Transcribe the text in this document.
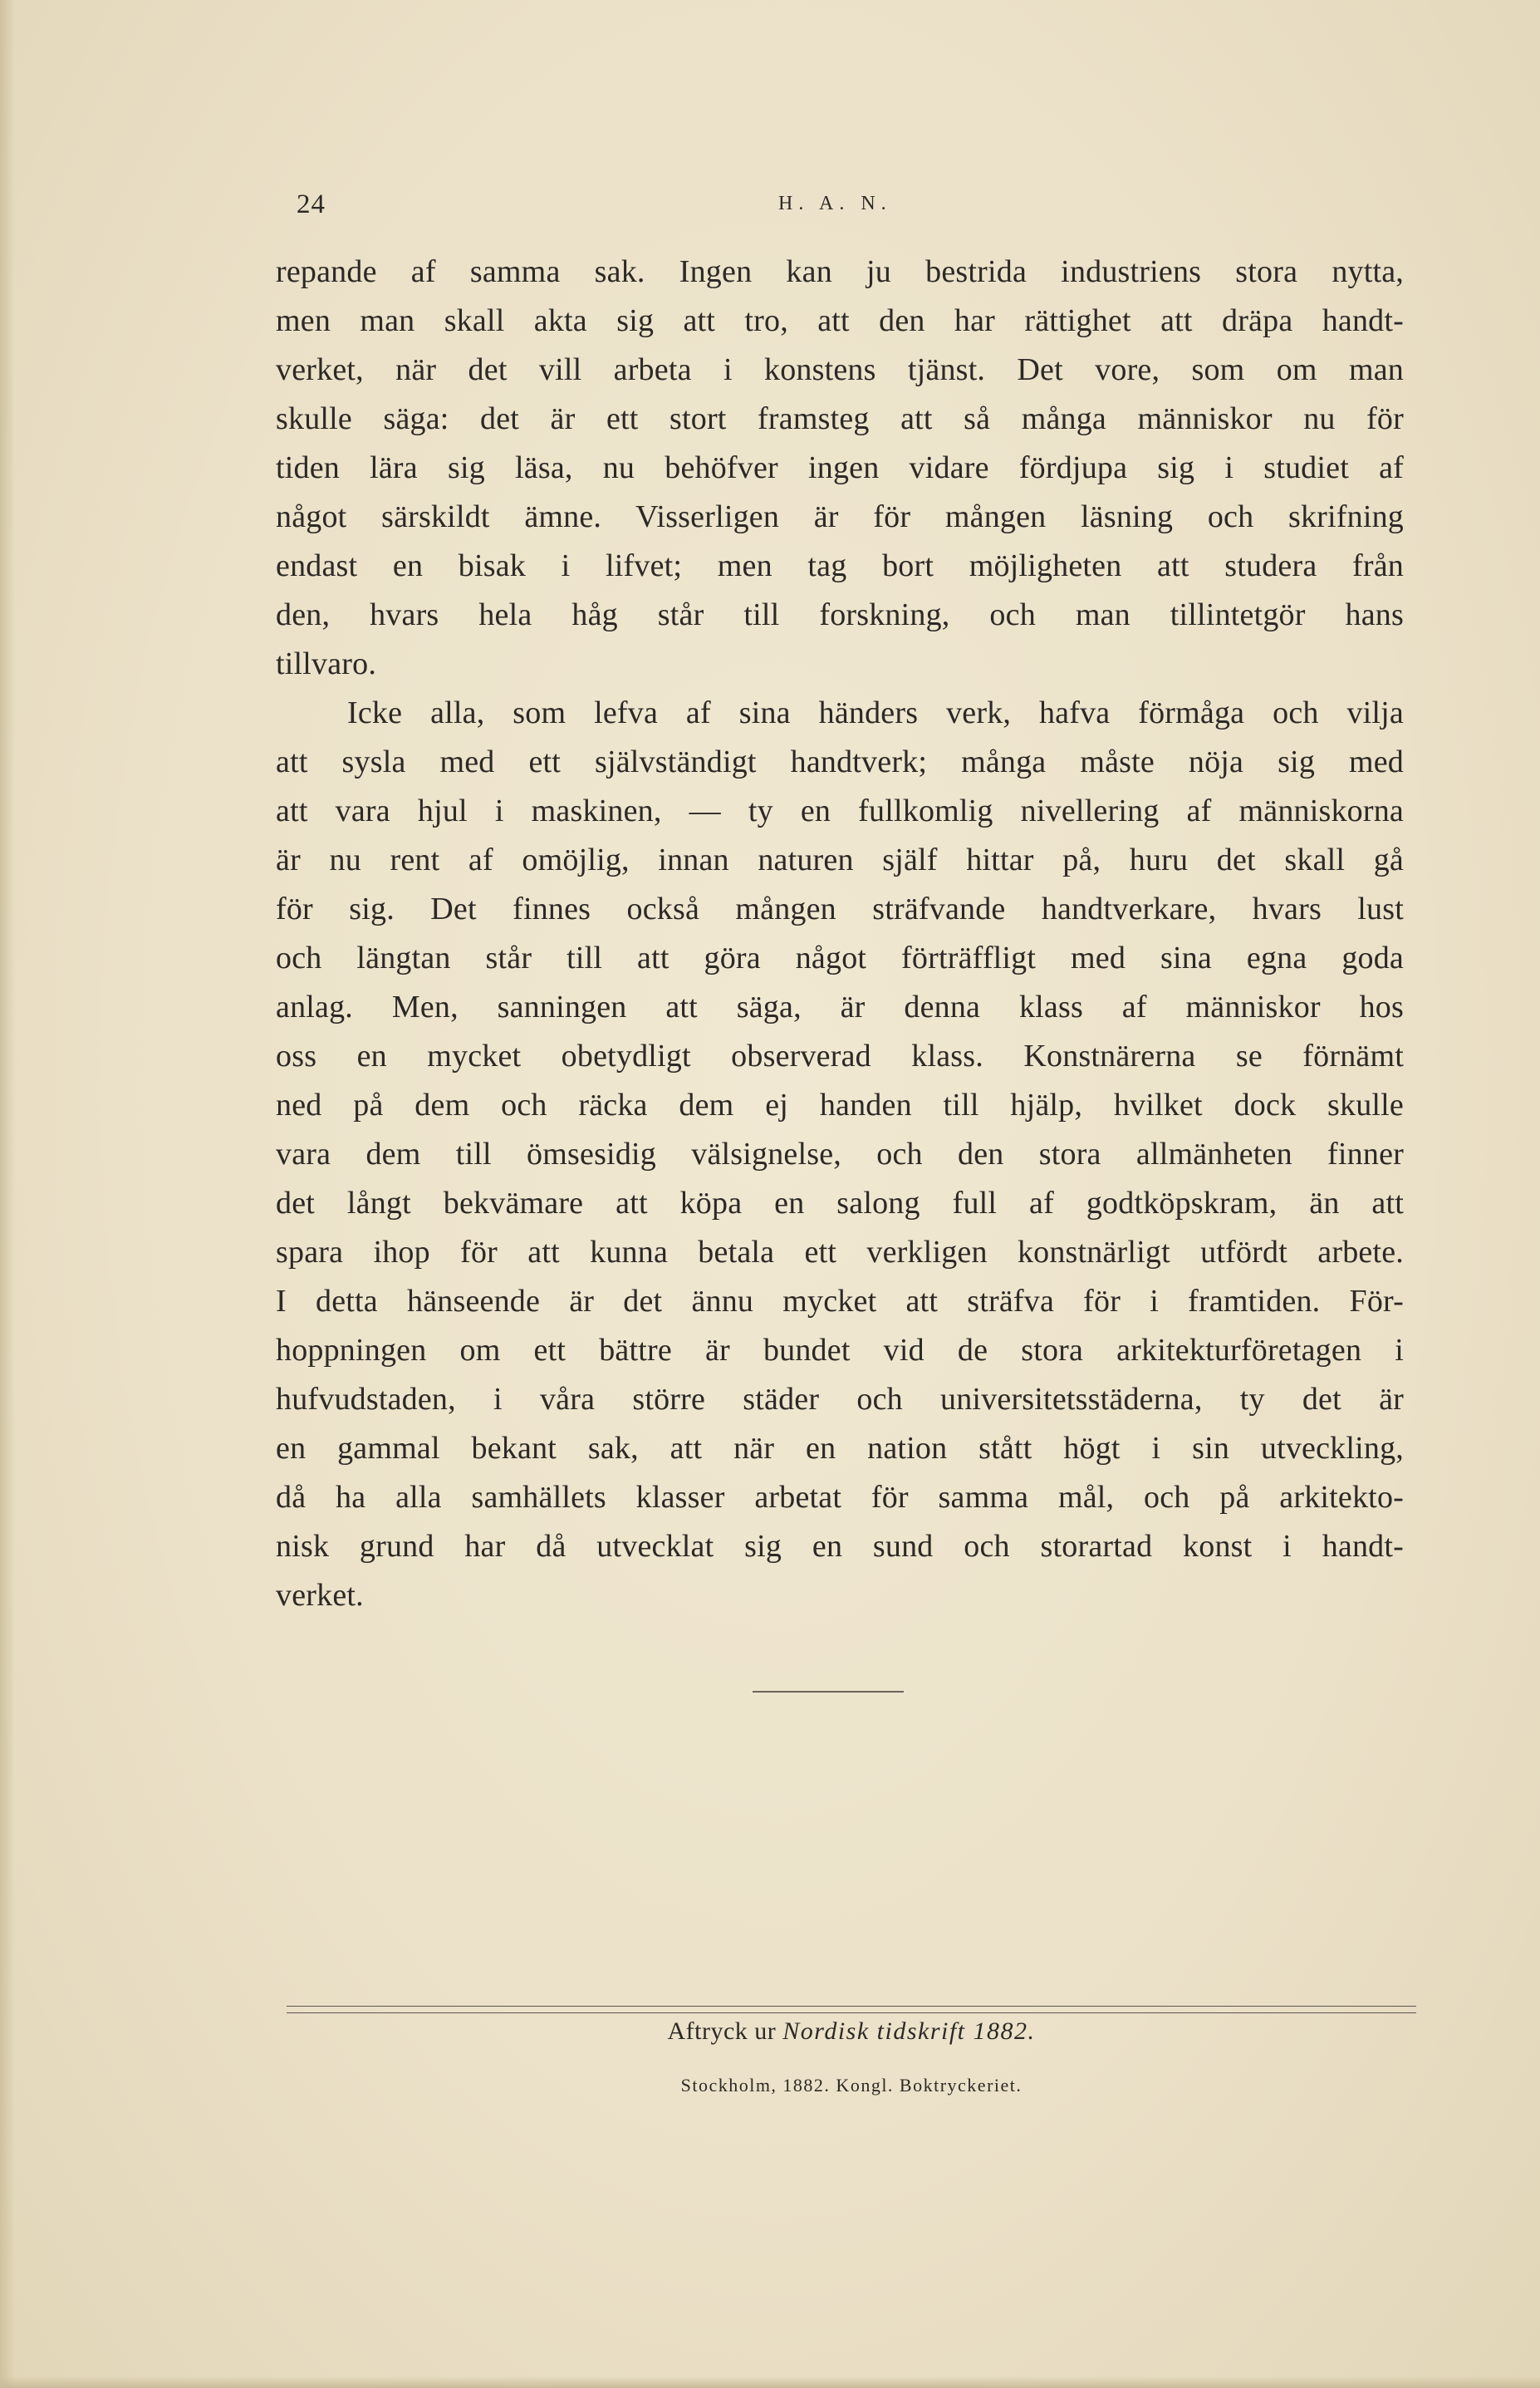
24	H. A. N.
repande af samma sak. Ingen kan ju bestrida industriens stora nytta,
men man skall akta sig att tro, att den har rättighet att dräpa handt-
verket, när det vill arbeta i konstens tjänst. Det vore, som om man
skulle säga: det är ett stort framsteg att så många människor nu för
tiden lära sig läsa, nu behöfver ingen vidare fördjupa sig i studiet af
något särskildt ämne. Visserligen är för mången läsning och skrifning
endast en bisak i lifvet; men tag bort möjligheten att studera från
den, hvars hela håg står till forskning, och man tillintetgör hans
tillvaro.
Icke alla, som lefva af sina händers verk, hafva förmåga och vilja
att sysla med ett självständigt handtverk; många måste nöja sig med
att vara hjul i maskinen, — ty en fullkomlig nivellering af människorna
är nu rent af omöjlig, innan naturen själf hittar på, huru det skall gå
för sig. Det finnes också mången sträfvande handtverkare, hvars lust
och längtan står till att göra något förträffligt med sina egna goda
anlag. Men, sanningen att säga, är denna klass af människor hos
oss en mycket obetydligt observerad klass. Konstnärerna se förnämt
ned på dem och räcka dem ej handen till hjälp, hvilket dock skulle
vara dem till ömsesidig välsignelse, och den stora allmänheten finner
det långt bekvämare att köpa en salong full af godtköpskram, än att
spara ihop för att kunna betala ett verkligen konstnärligt utfördt arbete.
I detta hänseende är det ännu mycket att sträfva för i framtiden. För-
hoppningen om ett bättre är bundet vid de stora arkitekturföretagen i
hufvudstaden, i våra större städer och universitetsstäderna, ty det är
en gammal bekant sak, att när en nation stått högt i sin utveckling,
då ha alla samhällets klasser arbetat för samma mål, och på arkitekto-
nisk grund har då utvecklat sig en sund och storartad konst i handt-
verket.
Aftryck ur Nordisk tidskrift 1882.
Stockholm, 1882. Kongl. Boktryckeriet.
